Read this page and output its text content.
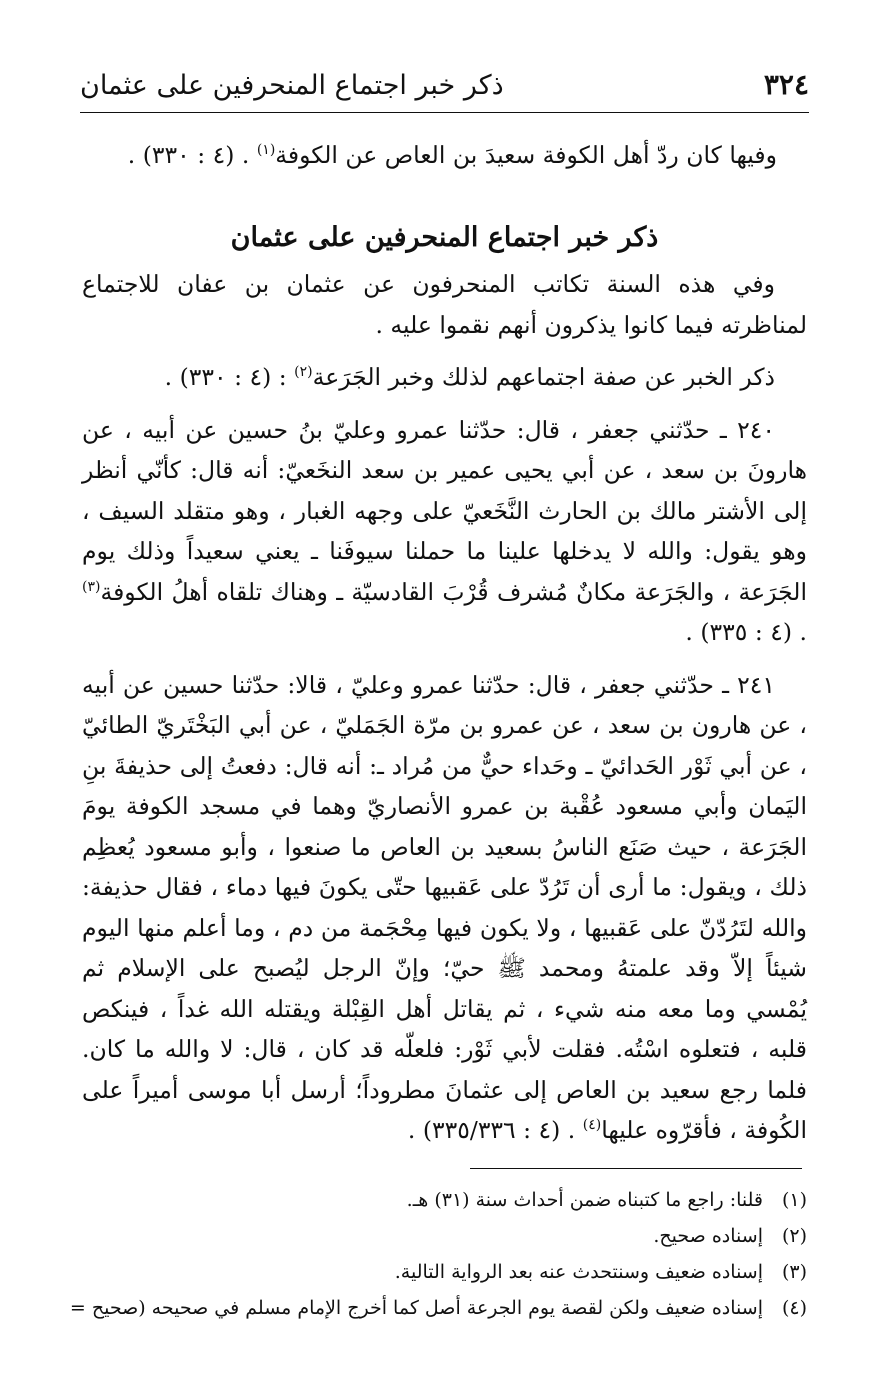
٣٢٤
ذكر خبر اجتماع المنحرفين على عثمان

وفيها كان ردّ أهل الكوفة سعيدَ بن العاص عن الكوفة$^{(١)}$ . (٤ : ٣٣٠) .

ذكر خبر اجتماع المنحرفين على عثمان

وفي هذه السنة تكاتب المنحرفون عن عثمان بن عفان للاجتماع لمناظرته فيما كانوا يذكرون أنهم نقموا عليه .

ذكر الخبر عن صفة اجتماعهم لذلك وخبر الجَرَعة$^{(٢)}$ : (٤ : ٣٣٠) .

٢٤٠ ـ حدّثني جعفر ، قال: حدّثنا عمرو وعليّ بنُ حسين عن أبيه ، عن هارونَ بن سعد ، عن أبي يحيى عمير بن سعد النخَعيّ: أنه قال: كأنّي أنظر إلى الأشتر مالك بن الحارث النَّخَعيّ على وجهه الغبار ، وهو متقلد السيف ، وهو يقول: والله لا يدخلها علينا ما حملنا سيوفَنا ـ يعني سعيداً وذلك يوم الجَرَعة ، والجَرَعة مكانٌ مُشرف قُرْبَ القادسيّة ـ وهناك تلقاه أهلُ الكوفة$^{(٣)}$ . (٤ : ٣٣٥) .

٢٤١ ـ حدّثني جعفر ، قال: حدّثنا عمرو وعليّ ، قالا: حدّثنا حسين عن أبيه ، عن هارون بن سعد ، عن عمرو بن مرّة الجَمَليّ ، عن أبي البَخْتَريّ الطائيّ ، عن أبي ثَوْر الحَدائيّ ـ وحَداء حيٌّ من مُراد ـ: أنه قال: دفعتُ إلى حذيفةَ بنِ اليَمان وأبي مسعود عُقْبة بن عمرو الأنصاريّ وهما في مسجد الكوفة يومَ الجَرَعة ، حيث صَنَع الناسُ بسعيد بن العاص ما صنعوا ، وأبو مسعود يُعظِم ذلك ، ويقول: ما أرى أن تَرُدّ على عَقبيها حتّى يكونَ فيها دماء ، فقال حذيفة: والله لتَرُدّنّ على عَقبيها ، ولا يكون فيها مِحْجَمة من دم ، وما أعلم منها اليوم شيئاً إلاّ وقد علمتهُ ومحمد ﷺ حيّ؛ وإنّ الرجل ليُصبح على الإسلام ثم يُمْسي وما معه منه شيء ، ثم يقاتل أهل القِبْلة ويقتله الله غداً ، فينكص قلبه ، فتعلوه اسْتُه. فقلت لأبي ثَوْر: فلعلّه قد كان ، قال: لا والله ما كان. فلما رجع سعيد بن العاص إلى عثمانَ مطروداً؛ أرسل أبا موسى أميراً على الكُوفة ، فأقرّوه عليها$^{(٤)}$ . (٤ : ٣٣٥/٣٣٦) .

(١)
قلنا: راجع ما كتبناه ضمن أحداث سنة (٣١) هـ.
(٢)
إسناده صحيح.
(٣)
إسناده ضعيف وسنتحدث عنه بعد الرواية التالية.
(٤)
إسناده ضعيف ولكن لقصة يوم الجرعة أصل كما أخرج الإمام مسلم في صحيحه (صحيح =
